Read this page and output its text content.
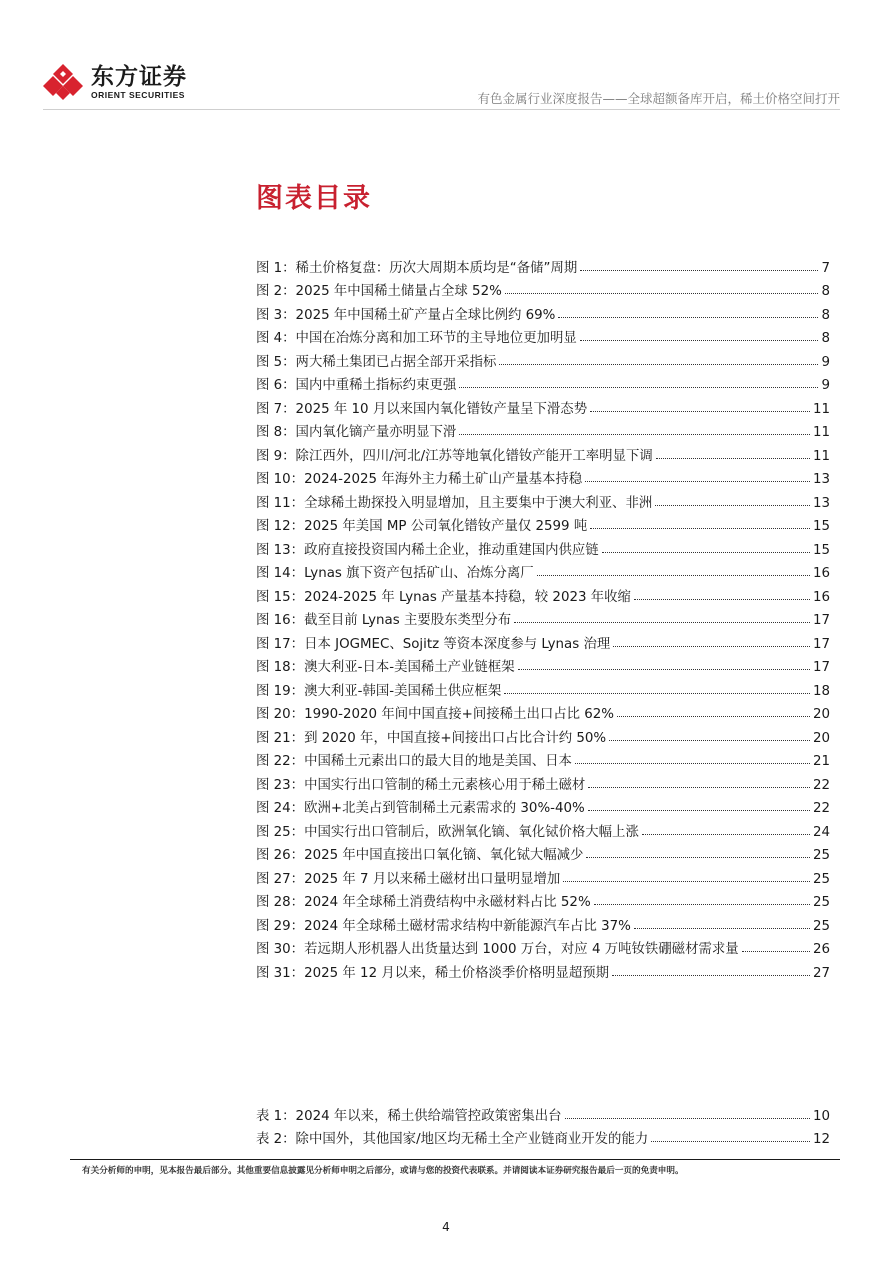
东方证券
ORIENT SECURITIES	有色金属行业深度报告——全球超额备库开启，稀土价格空间打开
图表目录
图 1：稀土价格复盘：历次大周期本质均是“备储”周期	7
图 2：2025 年中国稀土储量占全球 52%	8
图 3：2025 年中国稀土矿产量占全球比例约 69%	8
图 4：中国在冶炼分离和加工环节的主导地位更加明显	8
图 5：两大稀土集团已占据全部开采指标	9
图 6：国内中重稀土指标约束更强	9
图 7：2025 年 10 月以来国内氧化镨钕产量呈下滑态势	11
图 8：国内氧化镝产量亦明显下滑	11
图 9：除江西外，四川/河北/江苏等地氧化镨钕产能开工率明显下调	11
图 10：2024-2025 年海外主力稀土矿山产量基本持稳	13
图 11：全球稀土勘探投入明显增加，且主要集中于澳大利亚、非洲	13
图 12：2025 年美国 MP 公司氧化镨钕产量仅 2599 吨	15
图 13：政府直接投资国内稀土企业，推动重建国内供应链	15
图 14：Lynas 旗下资产包括矿山、冶炼分离厂	16
图 15：2024-2025 年 Lynas 产量基本持稳，较 2023 年收缩	16
图 16：截至目前 Lynas 主要股东类型分布	17
图 17：日本 JOGMEC、Sojitz 等资本深度参与 Lynas 治理	17
图 18：澳大利亚-日本-美国稀土产业链框架	17
图 19：澳大利亚-韩国-美国稀土供应框架	18
图 20：1990-2020 年间中国直接+间接稀土出口占比 62%	20
图 21：到 2020 年，中国直接+间接出口占比合计约 50%	20
图 22：中国稀土元素出口的最大目的地是美国、日本	21
图 23：中国实行出口管制的稀土元素核心用于稀土磁材	22
图 24：欧洲+北美占到管制稀土元素需求的 30%-40%	22
图 25：中国实行出口管制后，欧洲氧化镝、氧化铽价格大幅上涨	24
图 26：2025 年中国直接出口氧化镝、氧化铽大幅减少	25
图 27：2025 年 7 月以来稀土磁材出口量明显增加	25
图 28：2024 年全球稀土消费结构中永磁材料占比 52%	25
图 29：2024 年全球稀土磁材需求结构中新能源汽车占比 37%	25
图 30：若远期人形机器人出货量达到 1000 万台，对应 4 万吨钕铁硼磁材需求量	26
图 31：2025 年 12 月以来，稀土价格淡季价格明显超预期	27
表 1：2024 年以来，稀土供给端管控政策密集出台	10
表 2：除中国外，其他国家/地区均无稀土全产业链商业开发的能力	12
有关分析师的申明，见本报告最后部分。其他重要信息披露见分析师申明之后部分，或请与您的投资代表联系。并请阅读本证券研究报告最后一页的免责申明。
4
